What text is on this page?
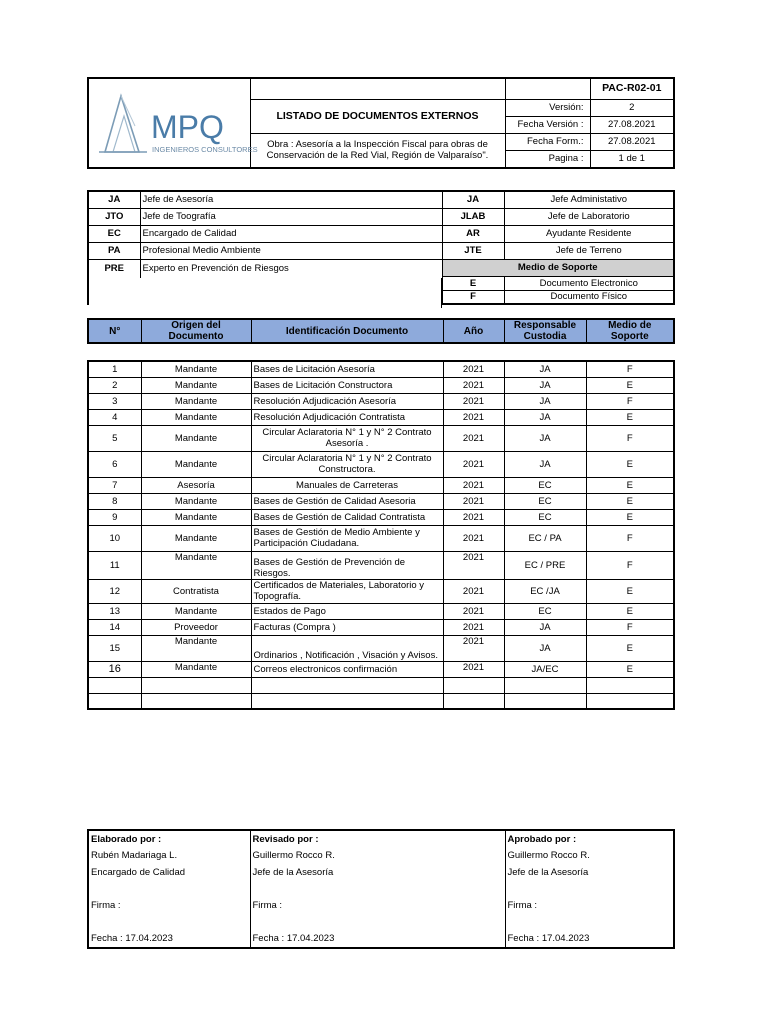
MPQ
INGENIEROS CONSULTORES			PAC-R02-01
	LISTADO DE DOCUMENTOS EXTERNOS	Versión:	2
		Fecha Versión :	27.08.2021
	Obra : Asesoría a la Inspección Fiscal para obras de Conservación de la Red Vial, Región de Valparaíso".	Fecha Form.:	27.08.2021
		Pagina :	1 de 1
JA	Jefe de Asesoría	JA	Jefe Administativo
JTO	Jefe de Toografía	JLAB	Jefe de Laboratorio
EC	Encargado de Calidad	AR	Ayudante Residente
PA	Profesional Medio Ambiente	JTE	Jefe de Terreno
PRE	Experto en Prevención de Riesgos	Medio de Soporte	
		E	Documento Electronico
		F	Documento Físico
N°	Origen del Documento	Identificación Documento	Año	Responsable Custodia	Medio de Soporte
1	Mandante	Bases de Licitación Asesoría	2021	JA	F
2	Mandante	Bases de Licitación Constructora	2021	JA	E
3	Mandante	Resolución Adjudicación Asesoría	2021	JA	F
4	Mandante	Resolución Adjudicación Contratista	2021	JA	E
5	Mandante	Circular Aclaratoria N° 1 y N° 2 Contrato Asesoría .	2021	JA	F
6	Mandante	Circular Aclaratoria N° 1 y N° 2 Contrato Constructora.	2021	JA	E
7	Asesoría	Manuales de Carreteras	2021	EC	E
8	Mandante	Bases de Gestión de Calidad Asesoria	2021	EC	E
9	Mandante	Bases de Gestión de Calidad Contratista	2021	EC	E
10	Mandante	Bases de Gestión de Medio Ambiente y Participación Ciudadana.	2021	EC / PA	F
11	Mandante	Bases de Gestión de Prevención de Riesgos.	2021	EC / PRE	F
12	Contratista	Certificados de Materiales, Laboratorio y Topografía.	2021	EC /JA	E
13	Mandante	Estados de Pago	2021	EC	E
14	Proveedor	Facturas (Compra )	2021	JA	F
15	Mandante	Ordinarios , Notificación , Visación y Avisos.	2021	JA	E
16	Mandante	Correos electronicos confirmación	2021	JA/EC	E

Elaborado por :	Revisado por :	Aprobado por :
Rubén Madariaga L.	Guillermo Rocco R.	Guillermo Rocco R.
Encargado de Calidad	Jefe de la Asesoría	Jefe de la Asesoría

Firma :	Firma :	Firma :

Fecha : 17.04.2023	Fecha : 17.04.2023	Fecha : 17.04.2023
